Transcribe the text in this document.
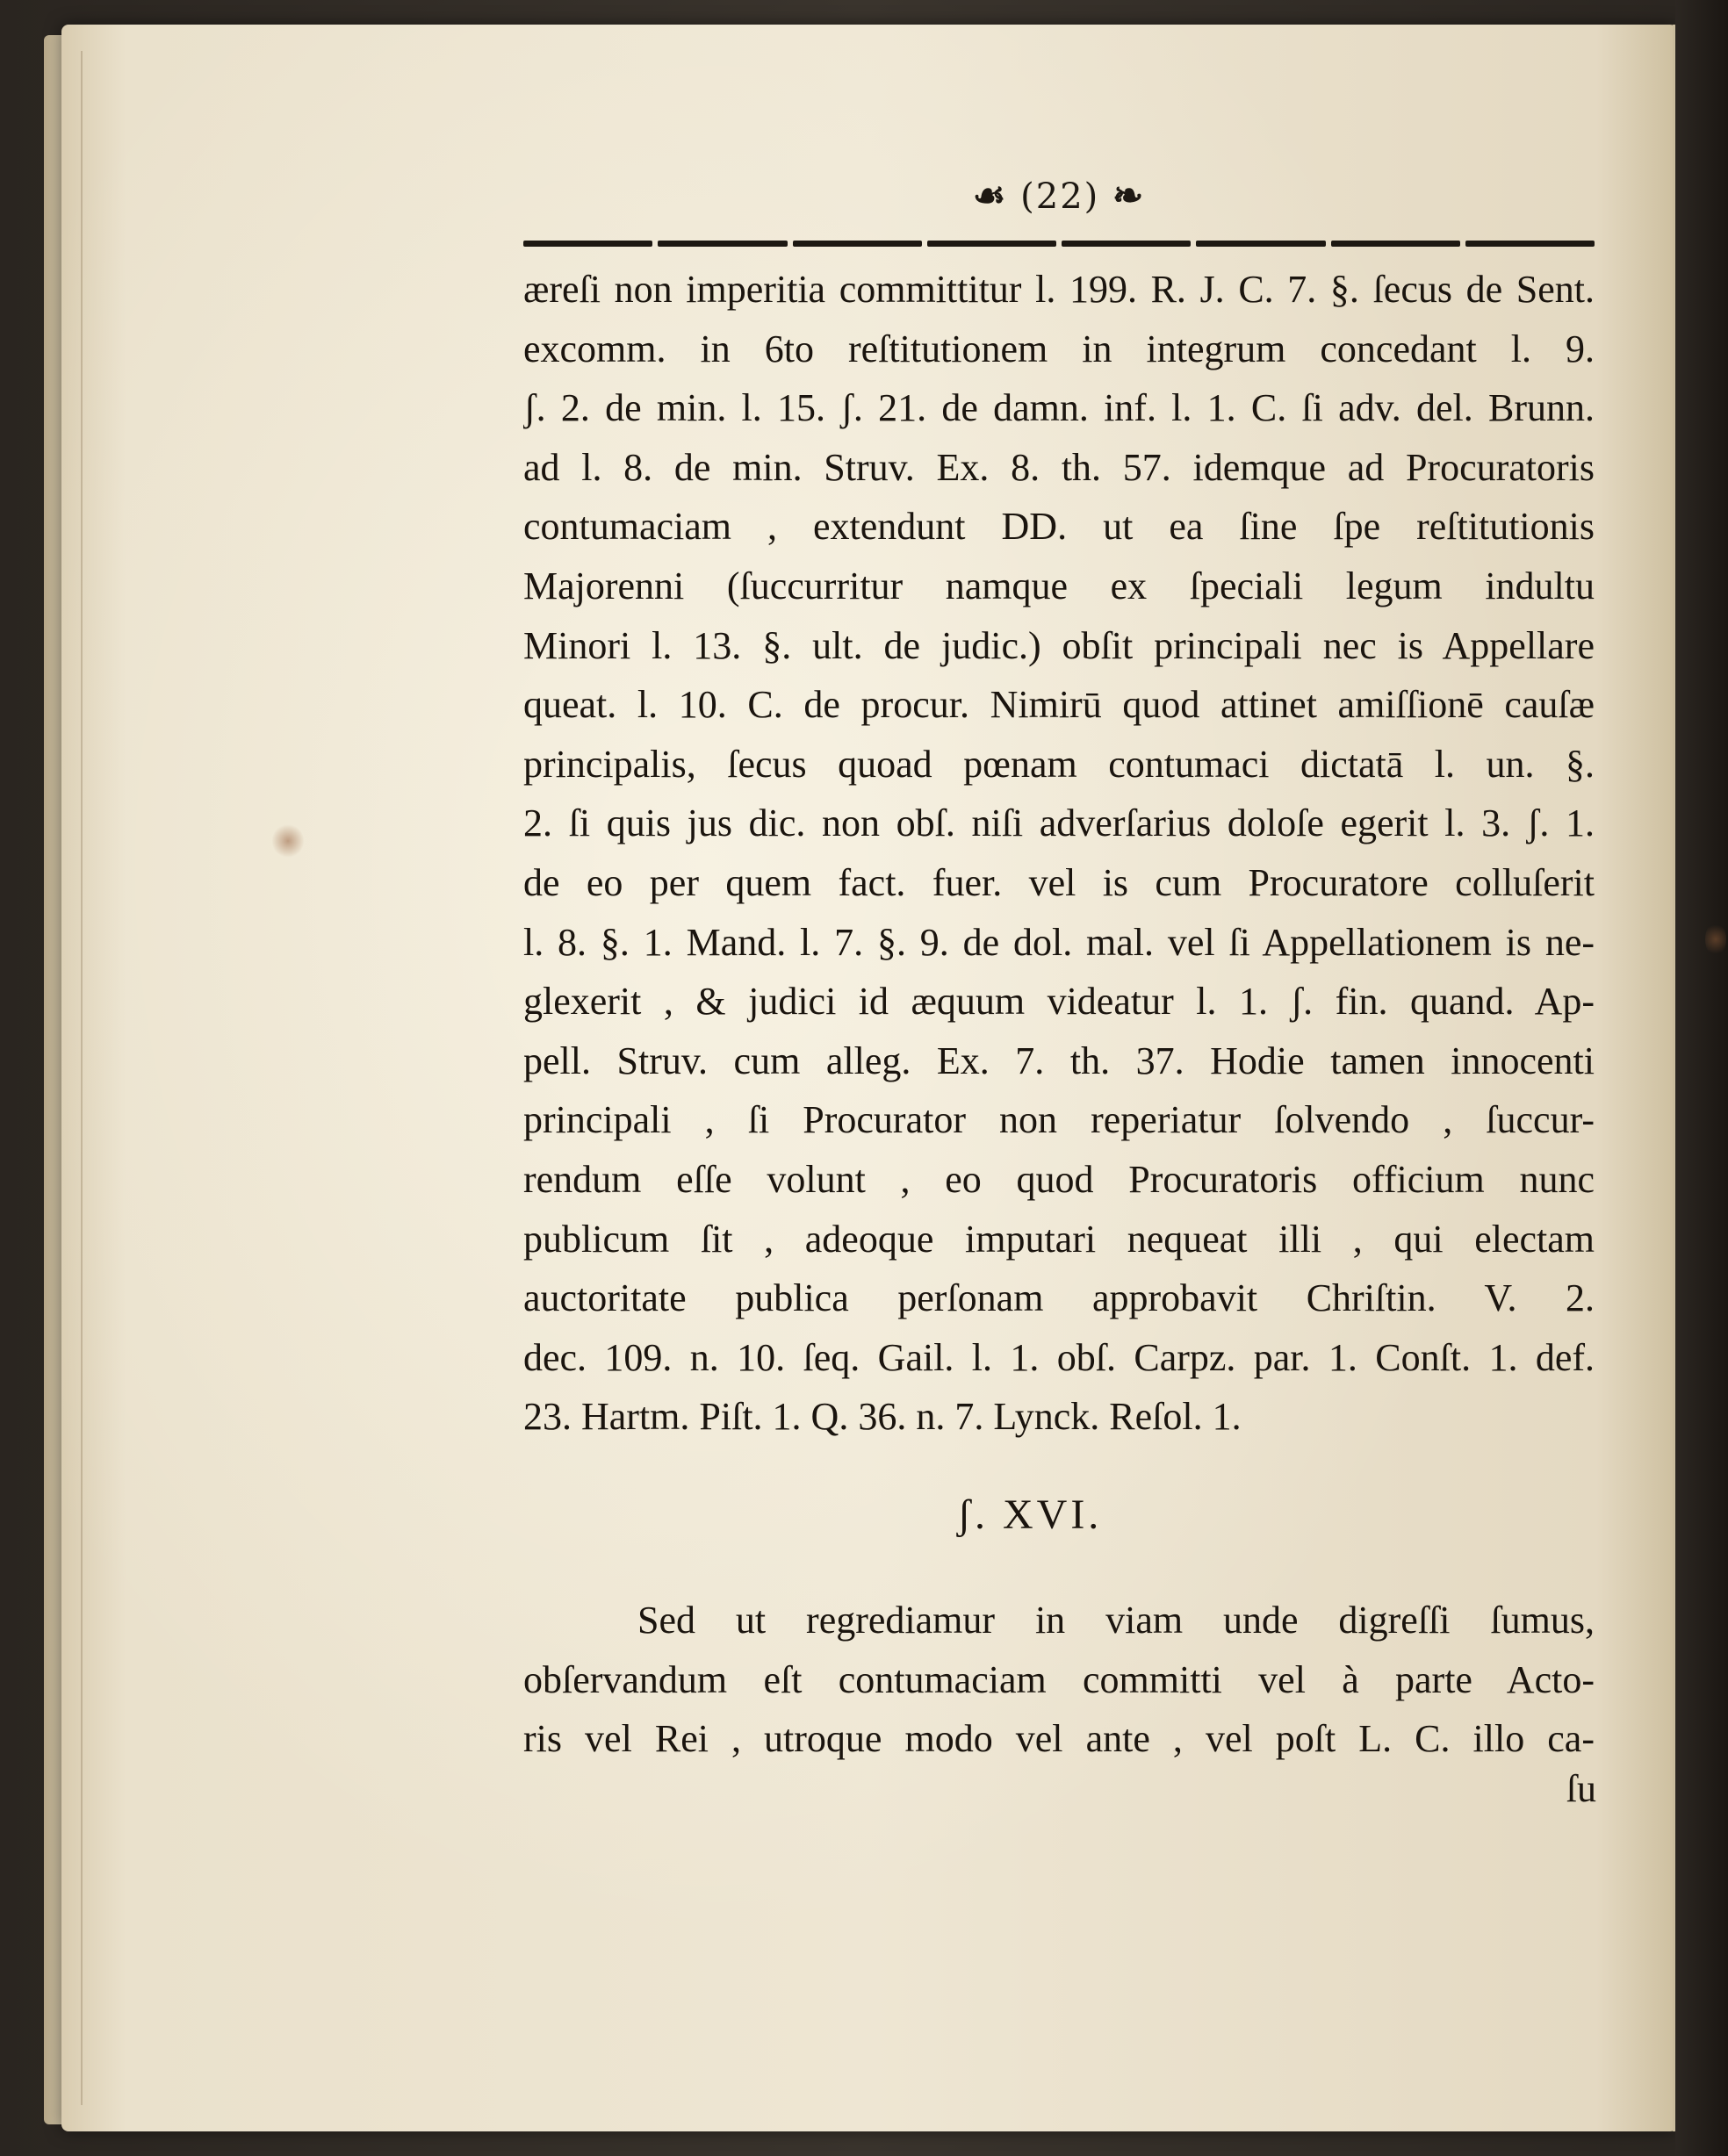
☙ (22) ❧
æreſi non imperitia committitur l. 199. R. J. C. 7. §. ſecus de Sent.
excomm. in 6to reſtitutionem in integrum concedant l. 9.
ʃ. 2. de min. l. 15. ʃ. 21. de damn. inf. l. 1. C. ſi adv. del. Brunn.
ad l. 8. de min. Struv. Ex. 8. th. 57. idemque ad Procuratoris
contumaciam , extendunt DD. ut ea ſine ſpe reſtitutionis
Majorenni (ſuccurritur namque ex ſpeciali legum indultu
Minori l. 13. §. ult. de judic.) obſit principali nec is Appellare
queat. l. 10. C. de procur. Nimirū quod attinet amiſſionē cauſæ
principalis, ſecus quoad pœnam contumaci dictatā l. un. §.
2. ſi quis jus dic. non obſ. niſi adverſarius doloſe egerit l. 3. ʃ. 1.
de eo per quem fact. fuer. vel is cum Procuratore colluſerit
l. 8. §. 1. Mand. l. 7. §. 9. de dol. mal. vel ſi Appellationem is ne-
glexerit , & judici id æquum videatur l. 1. ʃ. fin. quand. Ap-
pell. Struv. cum alleg. Ex. 7. th. 37. Hodie tamen innocenti
principali , ſi Procurator non reperiatur ſolvendo , ſuccur-
rendum eſſe volunt , eo quod Procuratoris officium nunc
publicum ſit , adeoque imputari nequeat illi , qui electam
auctoritate publica perſonam approbavit Chriſtin. V. 2.
dec. 109. n. 10. ſeq. Gail. l. 1. obſ. Carpz. par. 1. Conſt. 1. def.
23. Hartm. Piſt. 1. Q. 36. n. 7. Lynck. Reſol. 1.
ʃ. XVI.
Sed ut regrediamur in viam unde digreſſi ſumus,
obſervandum eſt contumaciam committi vel à parte Acto-
ris vel Rei , utroque modo vel ante , vel poſt L. C. illo ca-
ſu
